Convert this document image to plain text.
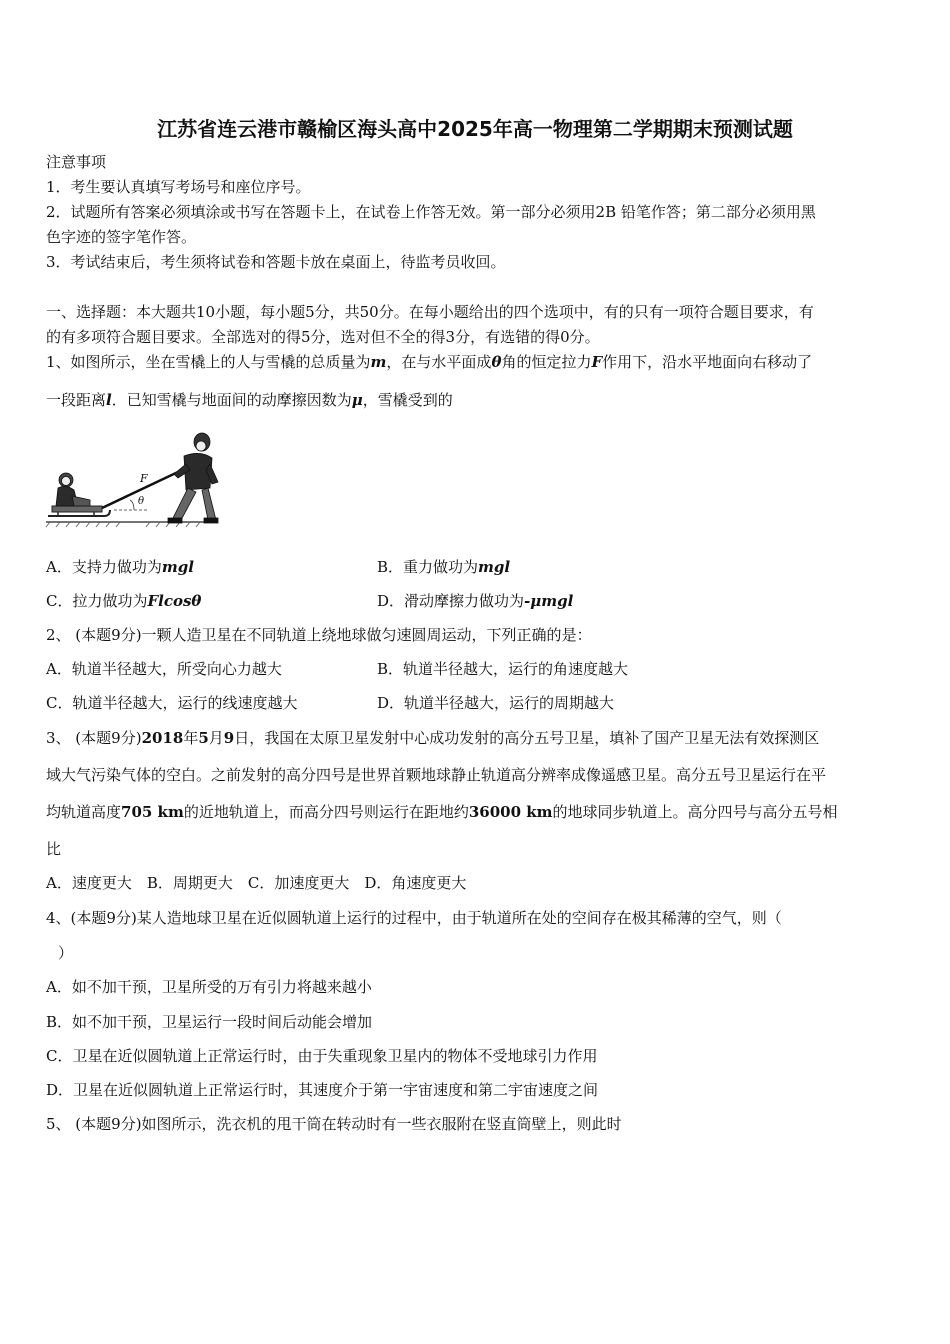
江苏省连云港市赣榆区海头高中2025年高一物理第二学期期末预测试题
注意事项
1．考生要认真填写考场号和座位序号。
2．试题所有答案必须填涂或书写在答题卡上，在试卷上作答无效。第一部分必须用2B 铅笔作答；第二部分必须用黑
色字迹的签字笔作答。
3．考试结束后，考生须将试卷和答题卡放在桌面上，待监考员收回。
一、选择题：本大题共10小题，每小题5分，共50分。在每小题给出的四个选项中，有的只有一项符合题目要求，有
的有多项符合题目要求。全部选对的得5分，选对但不全的得3分，有选错的得0分。
1、如图所示，坐在雪橇上的人与雪橇的总质量为m，在与水平面成θ角的恒定拉力F作用下，沿水平地面向右移动了
一段距离l．已知雪橇与地面间的动摩擦因数为μ，雪橇受到的
θ
F
A．支持力做功为mgl	B．重力做功为mgl
C．拉力做功为Flcosθ	D．滑动摩擦力做功为-μmgl
2、 (本题9分)一颗人造卫星在不同轨道上绕地球做匀速圆周运动，下列正确的是：
A．轨道半径越大，所受向心力越大	B．轨道半径越大，运行的角速度越大
C．轨道半径越大，运行的线速度越大	D．轨道半径越大，运行的周期越大
3、 (本题9分)2018年5月9日，我国在太原卫星发射中心成功发射的高分五号卫星，填补了国产卫星无法有效探测区
域大气污染气体的空白。之前发射的高分四号是世界首颗地球静止轨道高分辨率成像遥感卫星。高分五号卫星运行在平
均轨道高度705 km的近地轨道上，而高分四号则运行在距地约36000 km的地球同步轨道上。高分四号与高分五号相
比
A．速度更大　B．周期更大　C．加速度更大　D．角速度更大
4、(本题9分)某人造地球卫星在近似圆轨道上运行的过程中，由于轨道所在处的空间存在极其稀薄的空气，则（
）
A．如不加干预，卫星所受的万有引力将越来越小
B．如不加干预，卫星运行一段时间后动能会增加
C．卫星在近似圆轨道上正常运行时，由于失重现象卫星内的物体不受地球引力作用
D．卫星在近似圆轨道上正常运行时，其速度介于第一宇宙速度和第二宇宙速度之间
5、 (本题9分)如图所示，洗衣机的甩干筒在转动时有一些衣服附在竖直筒壁上，则此时
